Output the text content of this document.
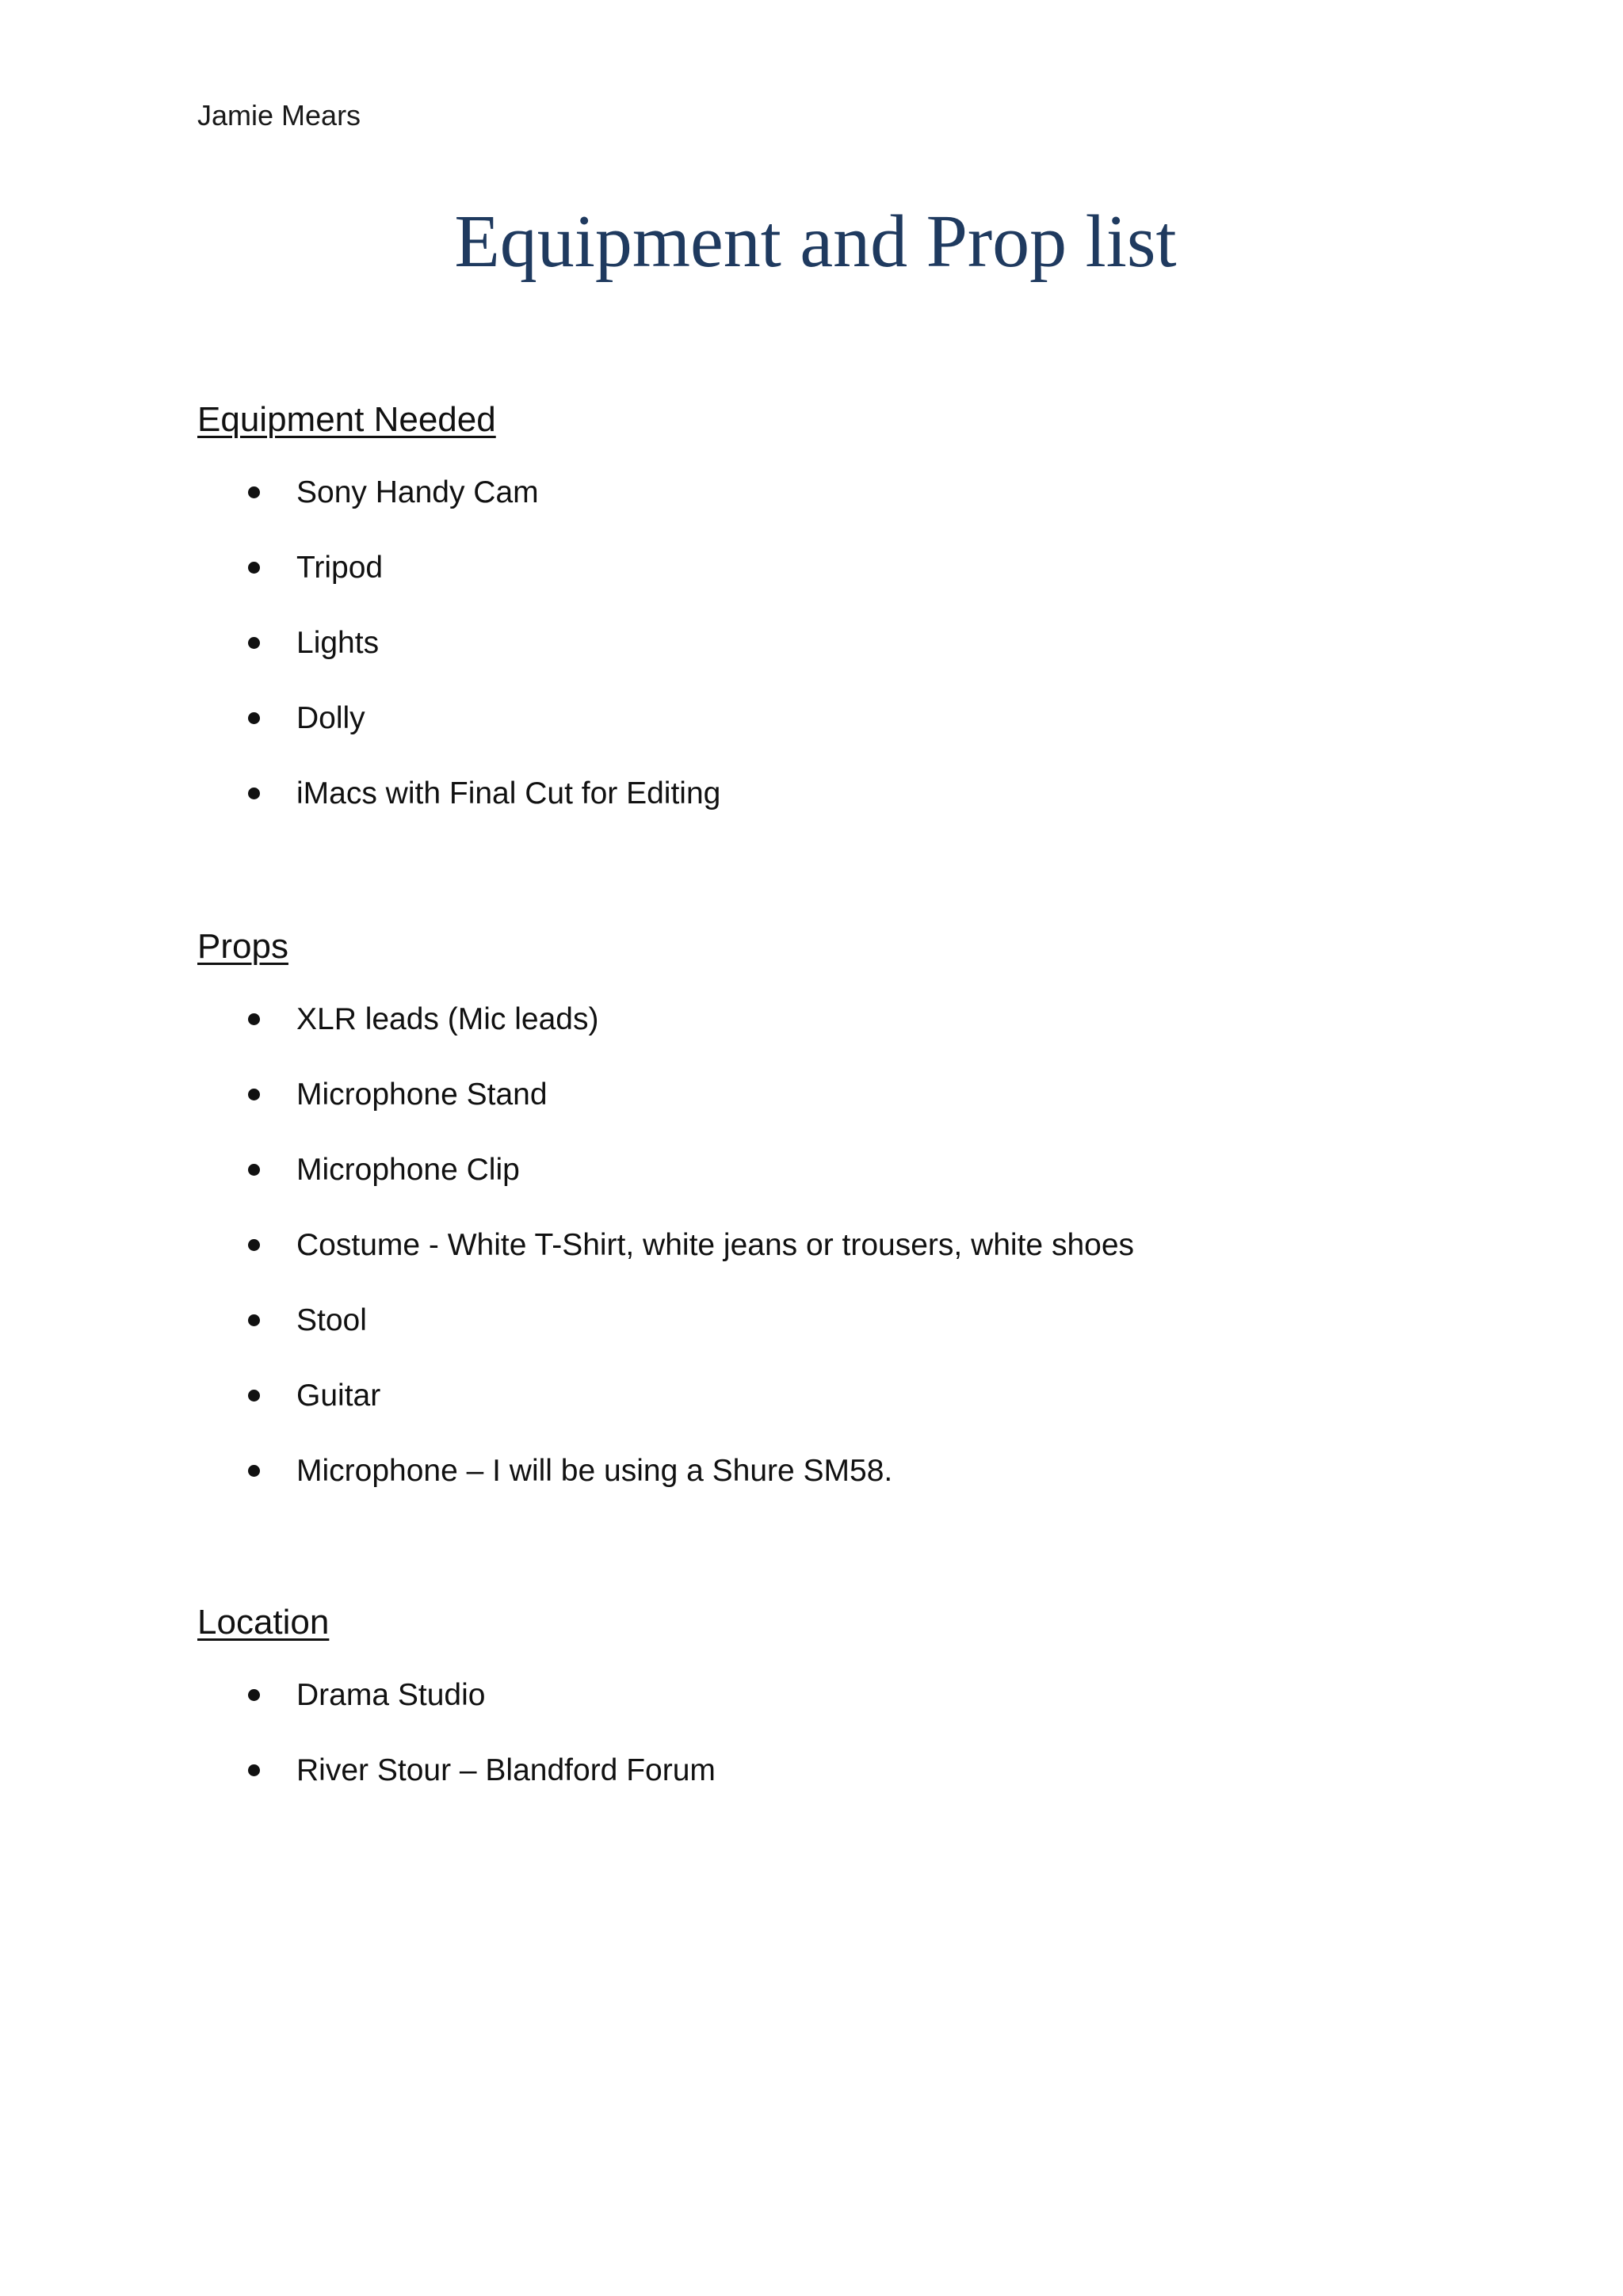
Jamie Mears
Equipment and Prop list
Equipment Needed
Sony Handy Cam
Tripod
Lights
Dolly
iMacs with Final Cut for Editing
Props
XLR leads (Mic leads)
Microphone Stand
Microphone Clip
Costume - White T-Shirt, white jeans or trousers, white shoes
Stool
Guitar
Microphone – I will be using a Shure SM58.
Location
Drama Studio
River Stour – Blandford Forum
